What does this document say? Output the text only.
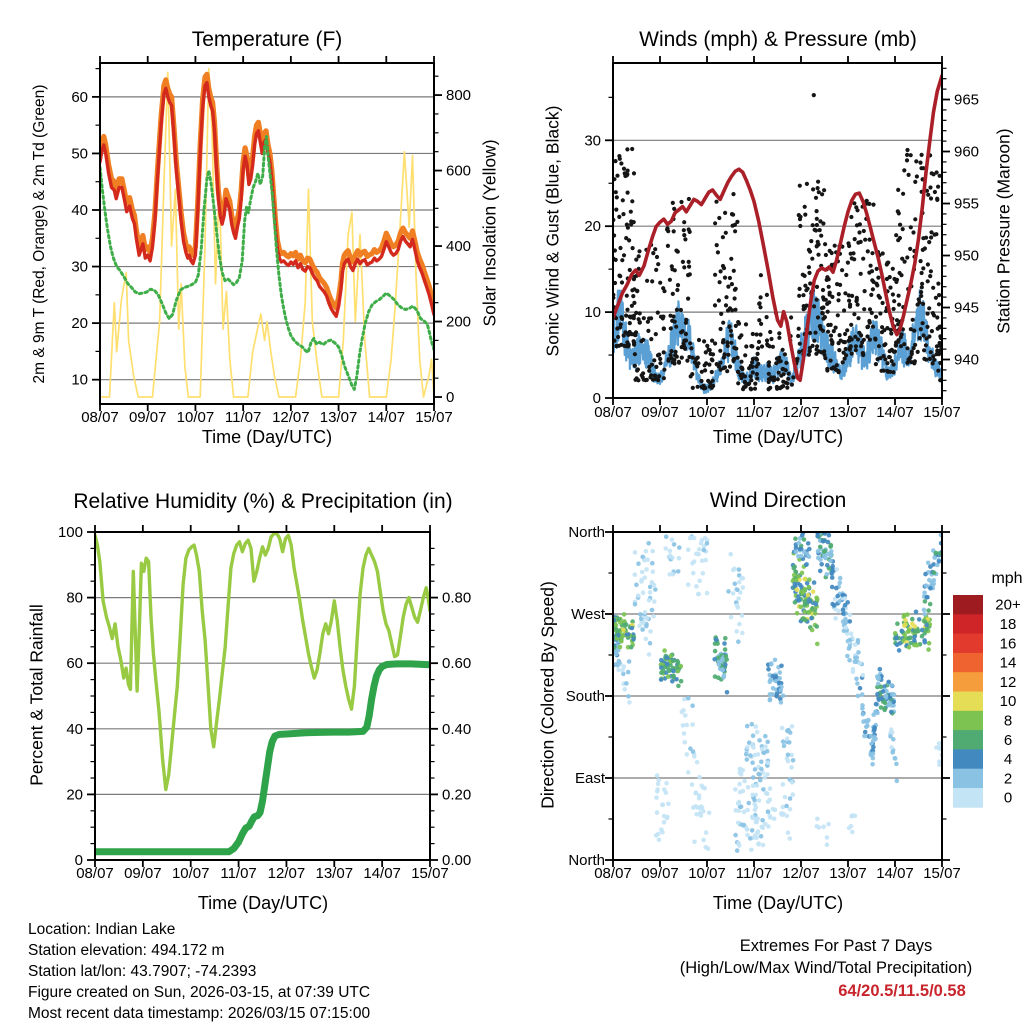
08/07 09/07 10/07 11/07 12/07 13/07 14/07 15/07
10
20
30
40
50
60
0
200
400
600
800
08/07 09/07 10/07 11/07 12/07 13/07 14/07 15/07
0
10
20
30
940
945
950
955
960
965
08/07 09/07 10/07 11/07 12/07 13/07 14/07 15/07
0
20
40
60
80
100
0.00
0.20
0.40
0.60
0.80
08/07 09/07 10/07 11/07 12/07 13/07 14/07 15/07
North
West
South
East
North
20+
18
16
14
12
10
8
6
4
2
0
Temperature (F)	Winds (mph) & Pressure (mb)
Relative Humidity (%) & Precipitation (in)	Wind Direction
Time (Day/UTC)	Time (Day/UTC)
Time (Day/UTC)	Time (Day/UTC)
2m & 9m T (Red, Orange) & 2m Td (Green)	Solar Insolation (Yellow) Sonic Wind & Gust (Blue, Black)	Station Pressure (Maroon)
Percent & Total Rainfall	Direction (Colored By Speed)
mph
Location: Indian Lake
Station elevation: 494.172 m
Station lat/lon: 43.7907; -74.2393
Figure created on Sun, 2026-03-15, at 07:39 UTC
Most recent data timestamp: 2026/03/15 07:15:00
Extremes For Past 7 Days
(High/Low/Max Wind/Total Precipitation)
64/20.5/11.5/0.58
